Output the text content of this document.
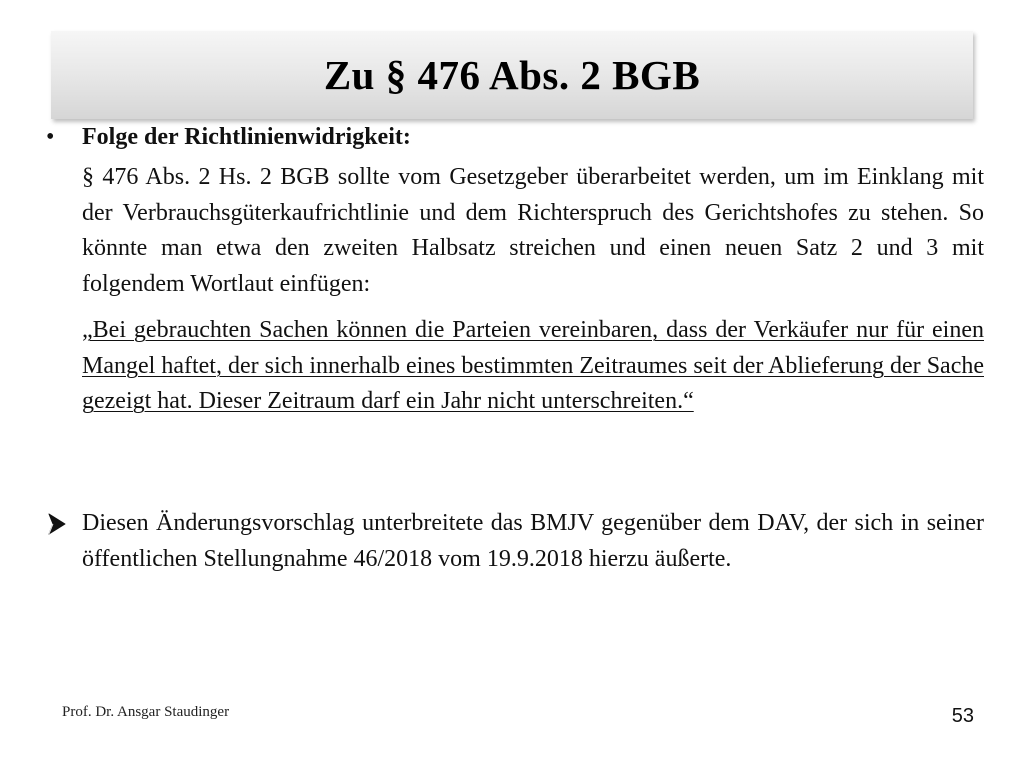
Zu § 476 Abs. 2 BGB
• Folge der Richtlinienwidrigkeit:

§ 476 Abs. 2 Hs. 2 BGB sollte vom Gesetzgeber überarbeitet werden, um im Einklang mit der Verbrauchsgüterkaufrichtlinie und dem Richterspruch des Gerichtshofes zu stehen. So könnte man etwa den zweiten Halbsatz streichen und einen neuen Satz 2 und 3 mit folgendem Wortlaut einfügen:

„Bei gebrauchten Sachen können die Parteien vereinbaren, dass der Verkäufer nur für einen Mangel haftet, der sich innerhalb eines bestimmten Zeitraumes seit der Ablieferung der Sache gezeigt hat. Dieser Zeitraum darf ein Jahr nicht unterschreiten.“

Diesen Änderungsvorschlag unterbreitete das BMJV gegenüber dem DAV, der sich in seiner öffentlichen Stellungnahme 46/2018 vom 19.9.2018 hierzu äußerte.

Prof. Dr. Ansgar Staudinger	53
